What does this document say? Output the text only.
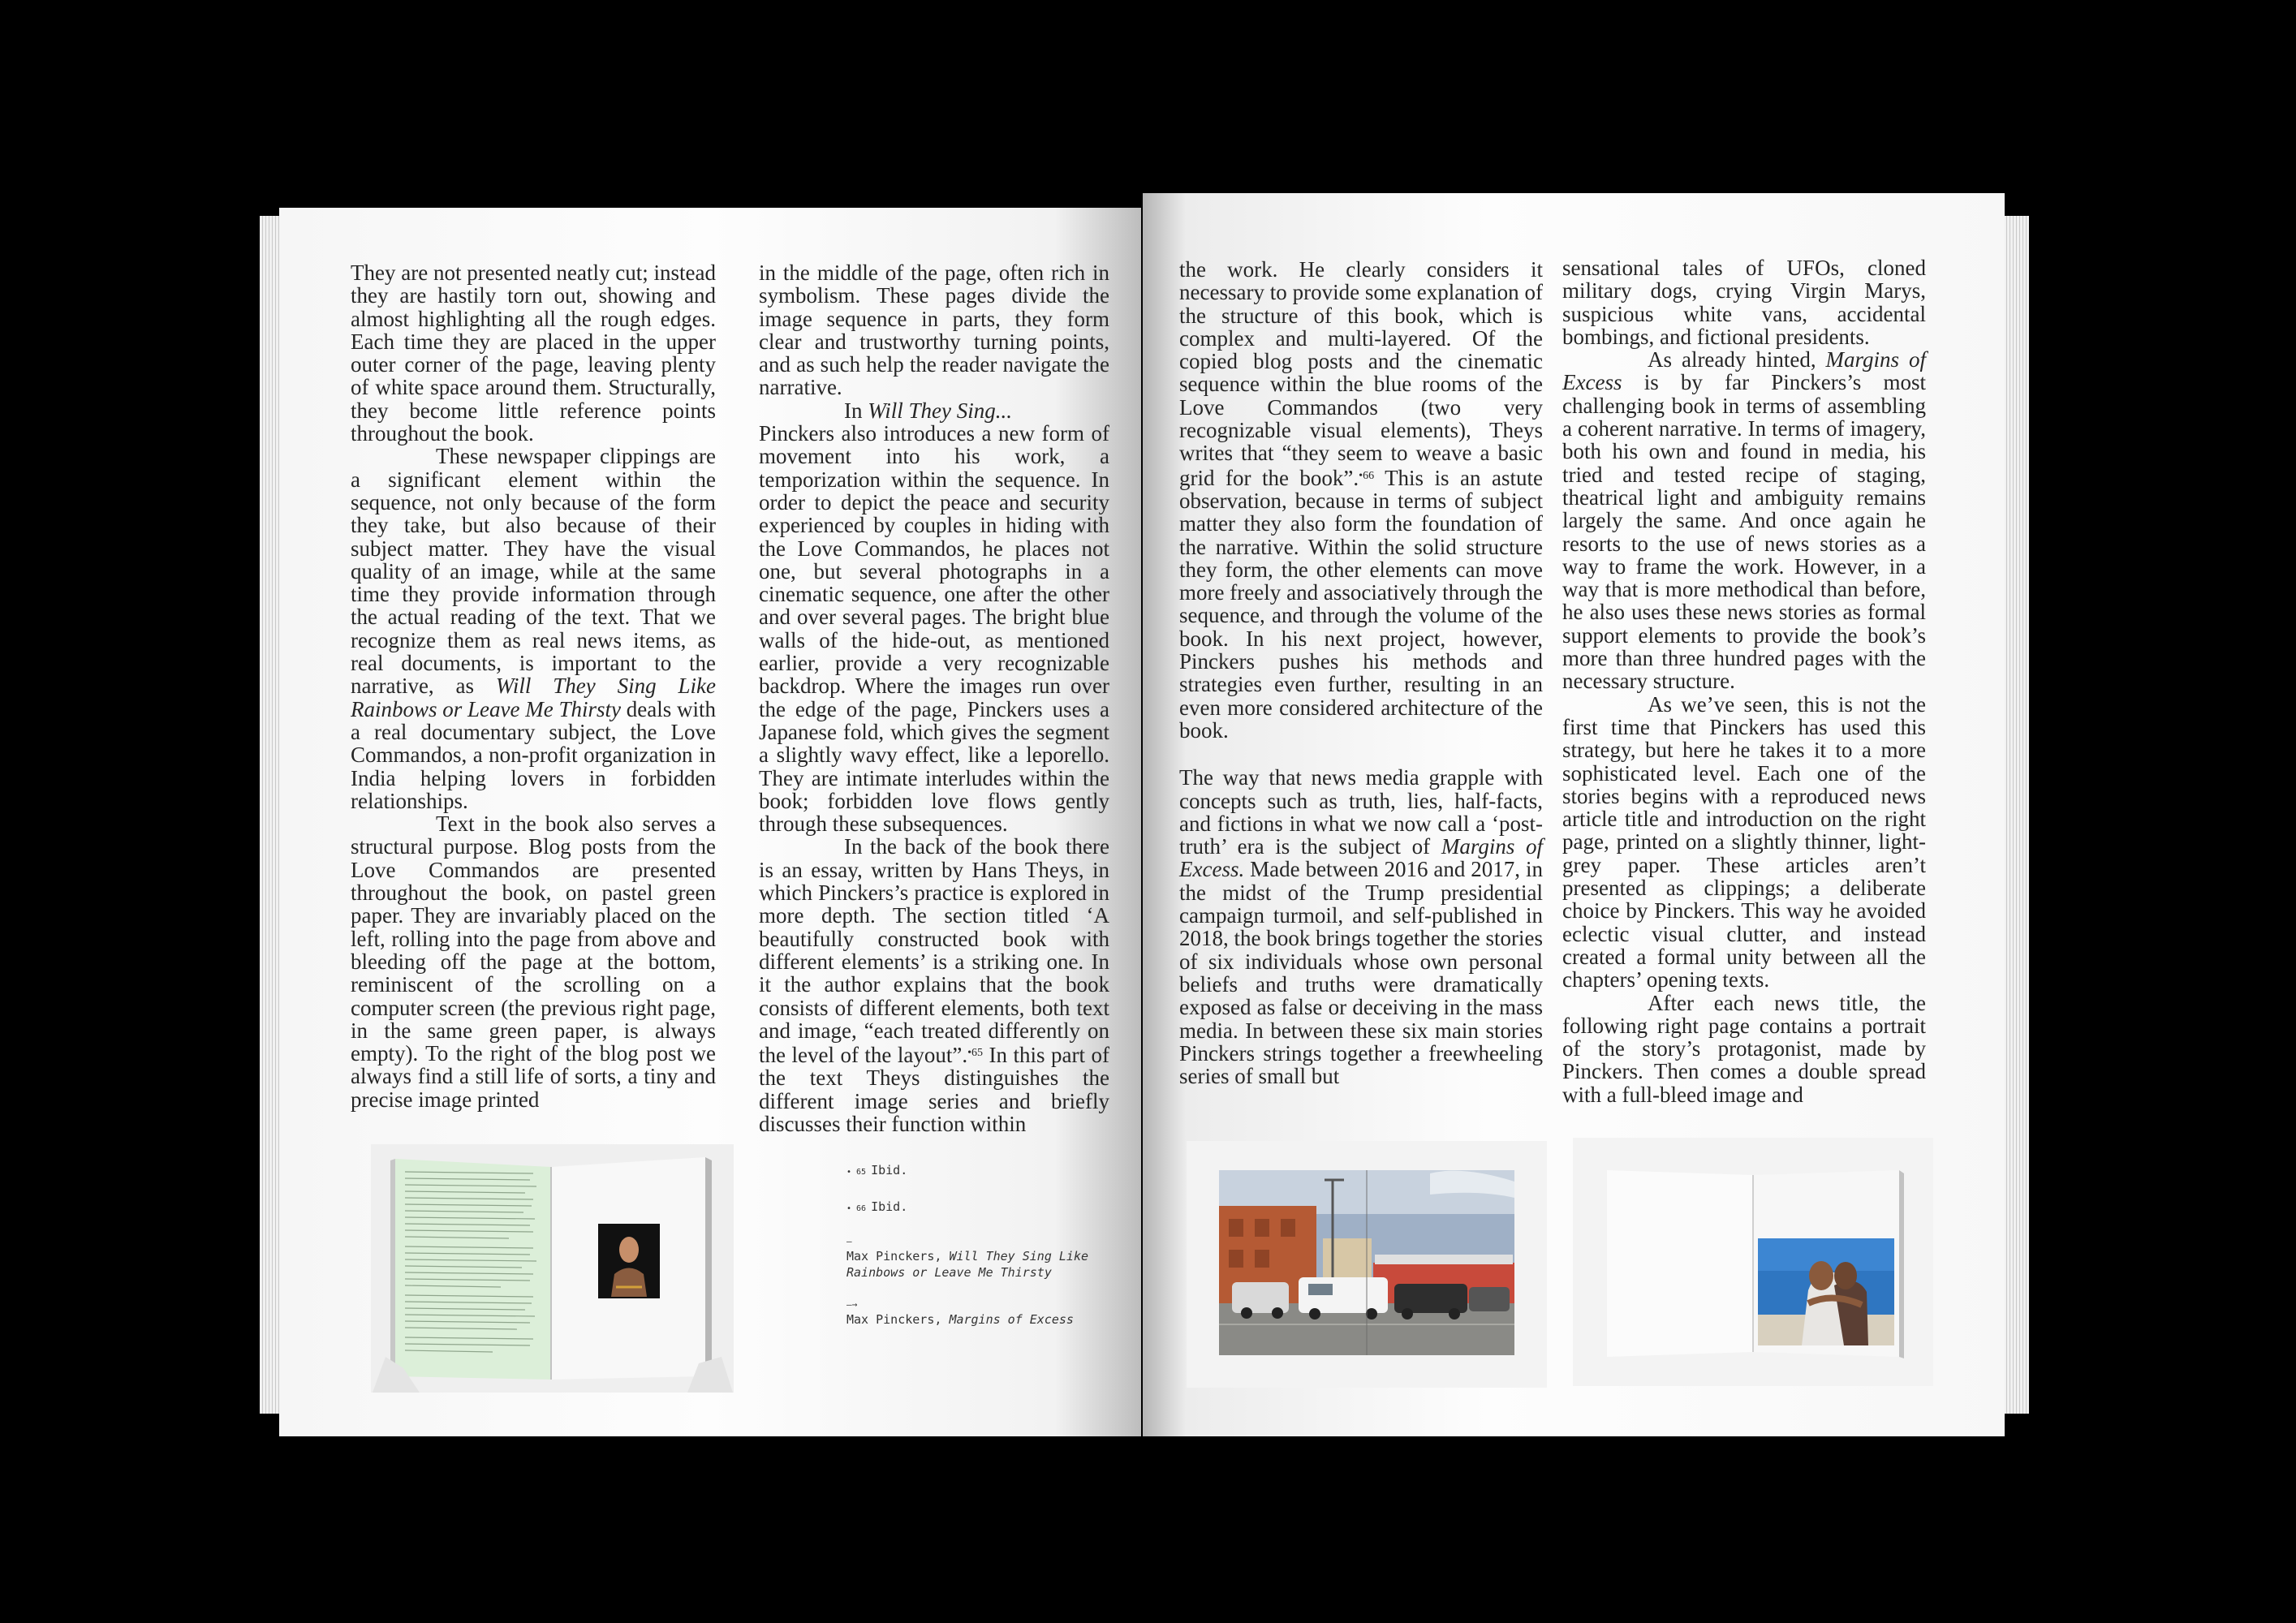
They are not presented neatly cut; instead they are hastily torn out, showing and almost highlighting all the rough edges. Each time they are placed in the upper outer corner of the page, leaving plenty of white space around them. Structurally, they become little reference points throughout the book.

These newspaper clippings are a significant element within the sequence, not only because of the form they take, but also because of their subject matter. They have the visual quality of an image, while at the same time they provide information through the actual reading of the text. That we recognize them as real news items, as real documents, is important to the narrative, as Will They Sing Like Rainbows or Leave Me Thirsty deals with a real documentary subject, the Love Commandos, a non-profit organization in India helping lovers in forbidden relationships.

Text in the book also serves a structural purpose. Blog posts from the Love Commandos are presented throughout the book, on pastel green paper. They are invariably placed on the left, rolling into the page from above and bleeding off the page at the bottom, reminiscent of the scrolling on a computer screen (the previous right page, in the same green paper, is always empty). To the right of the blog post we always find a still life of sorts, a tiny and precise image printed

in the middle of the page, often rich in symbolism. These pages divide the image sequence in parts, they form clear and trustworthy turning points, and as such help the reader navigate the narrative.

In Will They Sing...

Pinckers also introduces a new form of movement into his work, a temporization within the sequence. In order to depict the peace and security experienced by couples in hiding with the Love Commandos, he places not one, but several photographs in a cinematic sequence, one after the other and over several pages. The bright blue walls of the hide-out, as mentioned earlier, provide a very recognizable backdrop. Where the images run over the edge of the page, Pinckers uses a Japanese fold, which gives the segment a slightly wavy effect, like a leporello. They are intimate interludes within the book; forbidden love flows gently through these subsequences.

In the back of the book there is an essay, written by Hans Theys, in which Pinckers’s practice is explored in more depth. The section titled ‘A beautifully constructed book with different elements’ is a striking one. In it the author explains that the book consists of different elements, both text and image, “each treated differently on the level of the layout”.$^{•65}$ In this part of the text Theys distinguishes the different image series and briefly discusses their function within

• 65 Ibid.
• 66 Ibid.
—
Max Pinckers, Will They Sing Like Rainbows or Leave Me Thirsty
—→
Max Pinckers, Margins of Excess

the work. He clearly considers it necessary to provide some explanation of the structure of this book, which is complex and multi-layered. Of the copied blog posts and the cinematic sequence within the blue rooms of the Love Commandos (two very recognizable visual elements), Theys writes that “they seem to weave a basic grid for the book”.$^{•66}$ This is an astute observation, because in terms of subject matter they also form the foundation of the narrative. Within the solid structure they form, the other elements can move more freely and associatively through the sequence, and through the volume of the book. In his next project, however, Pinckers pushes his methods and strategies even further, resulting in an even more considered architecture of the book.

The way that news media grapple with concepts such as truth, lies, half-facts, and fictions in what we now call a ‘post-truth’ era is the subject of Margins of Excess. Made between 2016 and 2017, in the midst of the Trump presidential campaign turmoil, and self-published in 2018, the book brings together the stories of six individuals whose own personal beliefs and truths were dramatically exposed as false or deceiving in the mass media. In between these six main stories Pinckers strings together a freewheeling series of small but

sensational tales of UFOs, cloned military dogs, crying Virgin Marys, suspicious white vans, accidental bombings, and fictional presidents.

As already hinted, Margins of Excess is by far Pinckers’s most challenging book in terms of assembling a coherent narrative. In terms of imagery, both his own and found in media, his tried and tested recipe of staging, theatrical light and ambiguity remains largely the same. And once again he resorts to the use of news stories as a way to frame the work. However, in a way that is more methodical than before, he also uses these news stories as formal support elements to provide the book’s more than three hundred pages with the necessary structure.

As we’ve seen, this is not the first time that Pinckers has used this strategy, but here he takes it to a more sophisticated level. Each one of the stories begins with a reproduced news article title and introduction on the right page, printed on a slightly thinner, light-grey paper. These articles aren’t presented as clippings; a deliberate choice by Pinckers. This way he avoided eclectic visual clutter, and instead created a formal unity between all the chapters’ opening texts.

After each news title, the following right page contains a portrait of the story’s protagonist, made by Pinckers. Then comes a double spread with a full-bleed image and
